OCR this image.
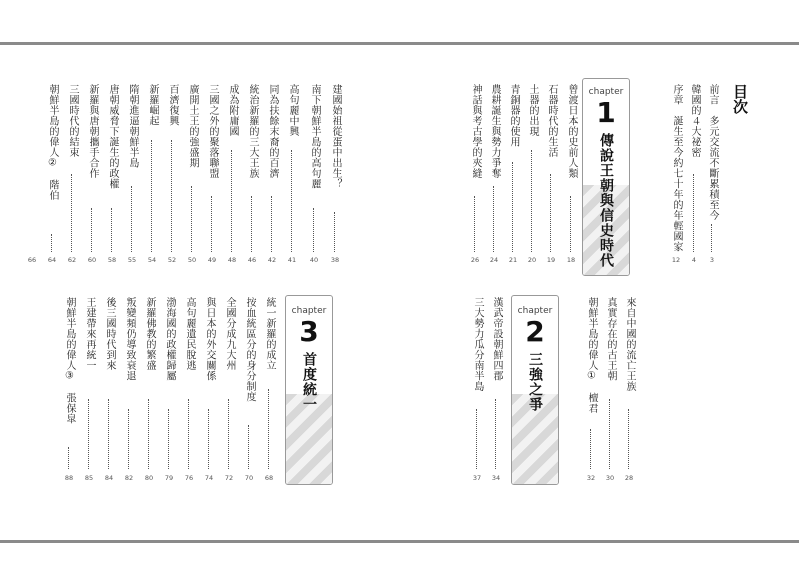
目次
chapter
1
傳說王朝與信史時代
chapter
2
三強之爭
chapter
3
首度統一
前言　多元交流不斷累積至今
3
韓國的４大祕密
4
序章　誕生至今約七十年的年輕國家
12
曾渡日本的史前人類
18
石器時代的生活
19
土器的出現
20
青銅器的使用
21
農耕誕生與勢力爭奪
24
神話與考古學的夾縫
26
來自中國的流亡王族
28
真實存在的古王朝
30
朝鮮半島的偉人①　檀君
32
漢武帝設朝鮮四郡
34
三大勢力瓜分南半島
37
建國始祖從蛋中出生？
38
南下朝鮮半島的高句麗
40
高句麗中興
41
同為扶餘末裔的百濟
42
統治新羅的三大王族
46
成為附庸國
48
三國之外的聚落聯盟
49
廣開土王的強盛期
50
百濟復興
52
新羅崛起
54
隋朝進逼朝鮮半島
55
唐朝威脅下誕生的政權
58
新羅與唐朝攜手合作
60
三國時代的結束
62
朝鮮半島的偉人②　階伯
64
66
統一新羅的成立
68
按血統區分的身分制度
70
全國分成九大州
72
與日本的外交關係
74
高句麗遺民脫逃
76
渤海國的政權歸屬
79
新羅佛教的繁盛
80
叛變頻仍導致衰退
82
後三國時代到來
84
王建帶來再統一
85
朝鮮半島的偉人③　張保皐
88
